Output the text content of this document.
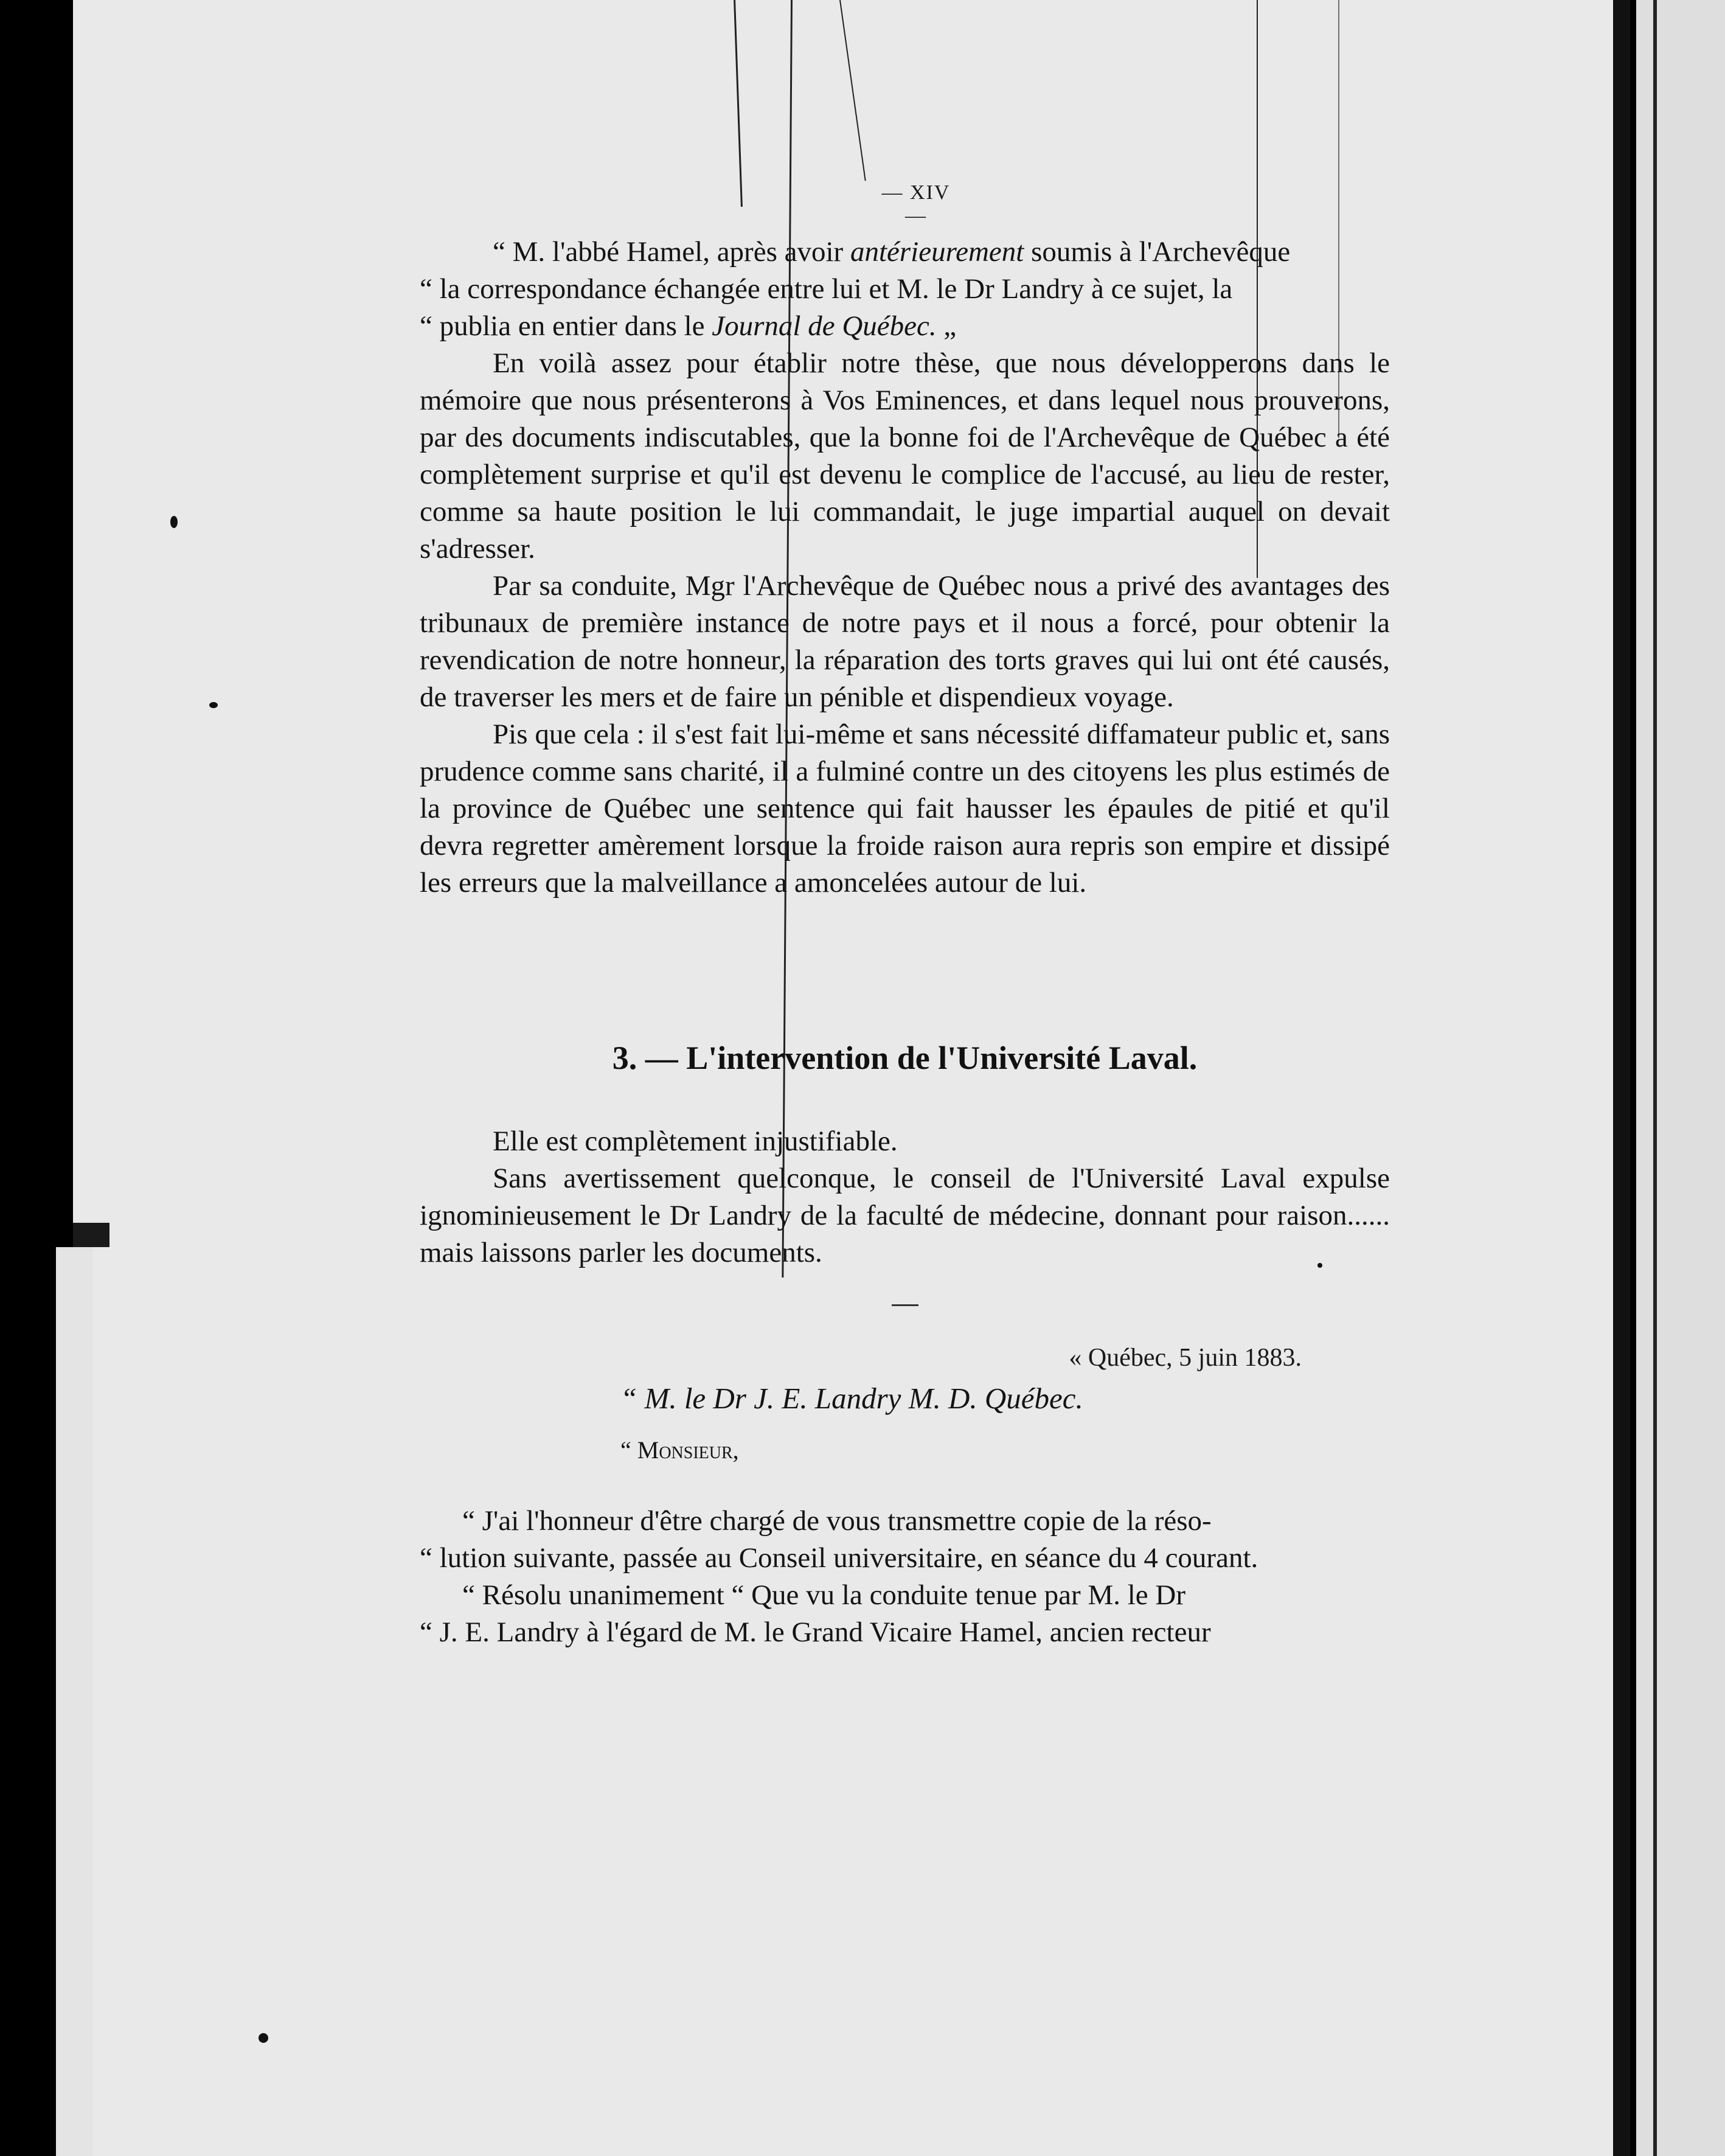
— XIV —
“ M. l'abbé Hamel, après avoir antérieurement soumis à l'Archevêque
“ la correspondance échangée entre lui et M. le Dr Landry à ce sujet, la
“ publia en entier dans le Journal de Québec. „

En voilà assez pour établir notre thèse, que nous développerons dans le mémoire que nous présenterons à Vos Eminences, et dans lequel nous prouverons, par des documents indiscutables, que la bonne foi de l'Archevêque de Québec a été complètement surprise et qu'il est devenu le complice de l'accusé, au lieu de rester, comme sa haute position le lui commandait, le juge impartial auquel on devait s'adresser.

Par sa conduite, Mgr l'Archevêque de Québec nous a privé des avantages des tribunaux de première instance de notre pays et il nous a forcé, pour obtenir la revendication de notre honneur, la réparation des torts graves qui lui ont été causés, de traverser les mers et de faire un pénible et dispendieux voyage.

Pis que cela : il s'est fait lui-même et sans nécessité diffamateur public et, sans prudence comme sans charité, il a fulminé contre un des citoyens les plus estimés de la province de Québec une sentence qui fait hausser les épaules de pitié et qu'il devra regretter amèrement lorsque la froide raison aura repris son empire et dissipé les erreurs que la malveillance a amoncelées autour de lui.

3. — L'intervention de l'Université Laval.

Elle est complètement injustifiable.

Sans avertissement quelconque, le conseil de l'Université Laval expulse ignominieusement le Dr Landry de la faculté de médecine, donnant pour raison...... mais laissons parler les documents.

« Québec, 5 juin 1883.
“ M. le Dr J. E. Landry M. D. Québec.
“ Monsieur,
“ J'ai l'honneur d'être chargé de vous transmettre copie de la réso-
“ lution suivante, passée au Conseil universitaire, en séance du 4 courant.
“ Résolu unanimement “ Que vu la conduite tenue par M. le Dr
“ J. E. Landry à l'égard de M. le Grand Vicaire Hamel, ancien recteur
